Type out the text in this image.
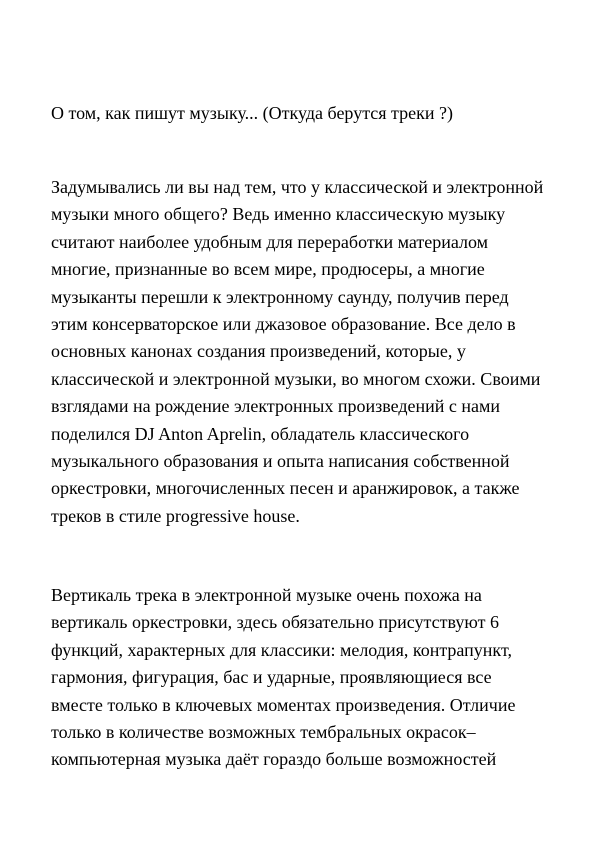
О том, как пишут музыку... (Откуда берутся треки ?)

Задумывались ли вы над тем, что у классической и электронной
музыки много общего? Ведь именно классическую музыку
считают наиболее удобным для переработки материалом
многие, признанные во всем мире, продюсеры, а многие
музыканты перешли к электронному саунду, получив перед
этим консерваторское или джазовое образование. Все дело в
основных канонах создания произведений, которые, у
классической и электронной музыки, во многом схожи. Своими
взглядами на рождение электронных произведений с нами
поделился DJ Anton Aprelin, обладатель классического
музыкального образования и опыта написания собственной
оркестровки, многочисленных песен и аранжировок, а также
треков в стиле progressive house.

Вертикаль трека в электронной музыке очень похожа на
вертикаль оркестровки, здесь обязательно присутствуют 6
функций, характерных для классики: мелодия, контрапункт,
гармония, фигурация, бас и ударные, проявляющиеся все
вместе только в ключевых моментах произведения. Отличие
только в количестве возможных тембральных окрасок–
компьютерная музыка даёт гораздо больше возможностей
